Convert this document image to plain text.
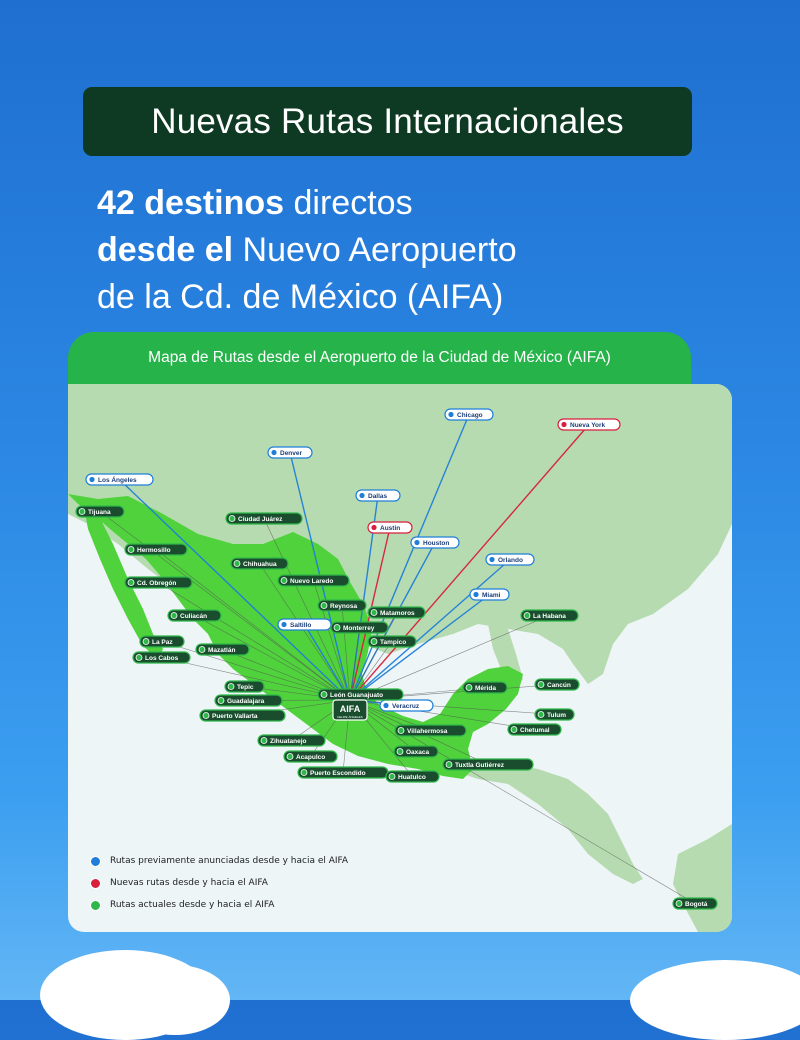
Nuevas Rutas Internacionales
42 destinos directos
desde el Nuevo Aeropuerto
de la Cd. de México (AIFA)
Mapa de Rutas desde el Aeropuerto de la Ciudad de México (AIFA)
Chicago
Nueva York
Denver
Los Ángeles
Dallas
Austin
Houston
Orlando
Miami
Saltillo
Veracruz
Tijuana
Ciudad Juárez
Hermosillo
Chihuahua
Cd. Obregón	Nuevo Laredo
Reynosa
Matamoros
Monterrey
Culiacán
La Paz
Los Cabos
Mazatlán
Tampico
La Habana
Tepic
Guadalajara
Puerto Vallarta
León Guanajuato
Mérida	Cancún
Tulum
Chetumal
Villahermosa
Zihuatanejo
Acapulco
Oaxaca
Puerto Escondido
Huatulco
Tuxtla Gutiérrez
Bogotá
AIFA
FELIPE ÁNGELES
Rutas previamente anunciadas desde y hacia el AIFA
Nuevas rutas desde y hacia el AIFA
Rutas actuales desde y hacia el AIFA
